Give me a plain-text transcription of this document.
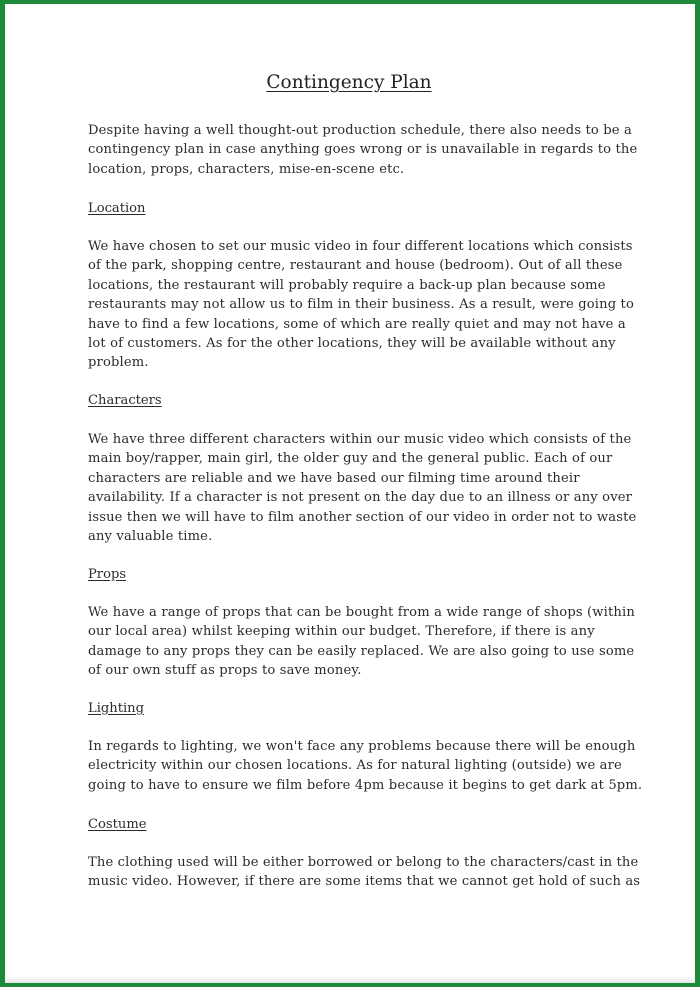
Contingency Plan
Despite having a well thought-out production schedule, there also needs to be a
contingency plan in case anything goes wrong or is unavailable in regards to the
location, props, characters, mise-en-scene etc.
Location
We have chosen to set our music video in four different locations which consists
of the park, shopping centre, restaurant and house (bedroom). Out of all these
locations, the restaurant will probably require a back-up plan because some
restaurants may not allow us to film in their business. As a result, were going to
have to find a few locations, some of which are really quiet and may not have a
lot of customers. As for the other locations, they will be available without any
problem.
Characters
We have three different characters within our music video which consists of the
main boy/rapper, main girl, the older guy and the general public. Each of our
characters are reliable and we have based our filming time around their
availability. If a character is not present on the day due to an illness or any over
issue then we will have to film another section of our video in order not to waste
any valuable time.
Props
We have a range of props that can be bought from a wide range of shops (within
our local area) whilst keeping within our budget. Therefore, if there is any
damage to any props they can be easily replaced. We are also going to use some
of our own stuff as props to save money.
Lighting
In regards to lighting, we won't face any problems because there will be enough
electricity within our chosen locations. As for natural lighting (outside) we are
going to have to ensure we film before 4pm because it begins to get dark at 5pm.
Costume
The clothing used will be either borrowed or belong to the characters/cast in the
music video. However, if there are some items that we cannot get hold of such as
